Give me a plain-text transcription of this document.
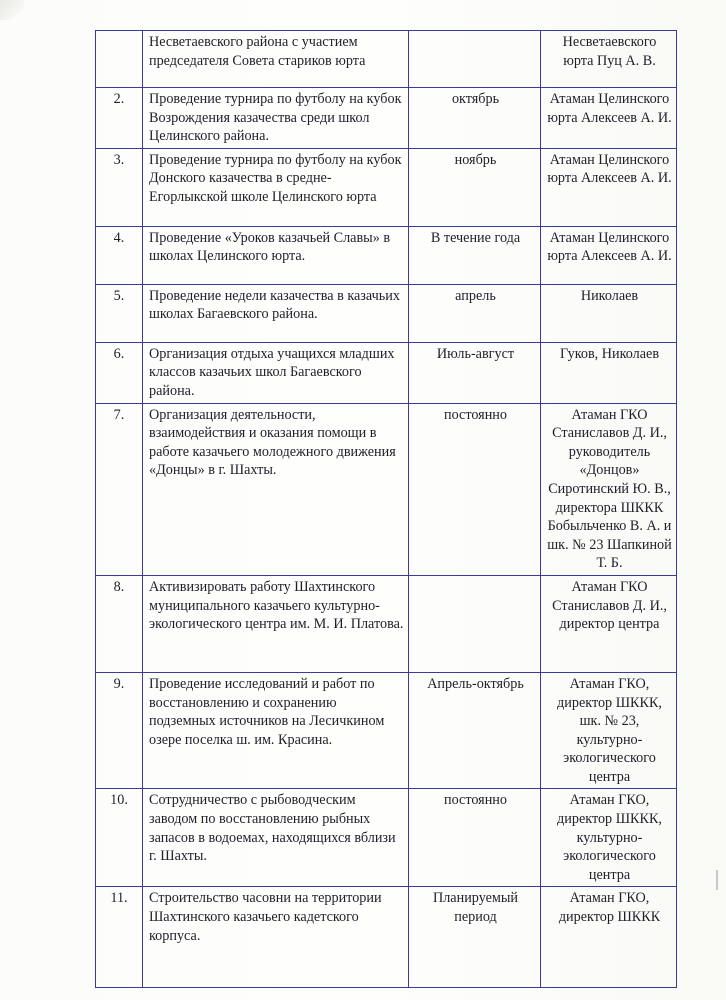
	Несветаевского района с участием председателя Совета стариков юрта		Несветаевского юрта Пуц А. В.
2.	Проведение турнира по футболу на кубок Возрождения казачества среди школ Целинского района.	октябрь	Атаман Целинского юрта Алексеев А. И.
3.	Проведение турнира по футболу на кубок Донского казачества в средне- Егорлыкской школе Целинского юрта	ноябрь	Атаман Целинского юрта Алексеев А. И.
4.	Проведение «Уроков казачьей Славы» в школах Целинского юрта.	В течение года	Атаман Целинского юрта Алексеев А. И.
5.	Проведение недели казачества в казачьих школах Багаевского района.	апрель	Николаев
6.	Организация отдыха учащихся младших классов казачьих школ Багаевского района.	Июль-август	Гуков, Николаев
7.	Организация деятельности, взаимодействия и оказания помощи в работе казачьего молодежного движения «Донцы» в г. Шахты.	постоянно	Атаман ГКО Станиславов Д. И., руководитель «Донцов» Сиротинский Ю. В., директора ШККК Бобыльченко В. А. и шк. № 23 Шапкиной Т. Б.
8.	Активизировать работу Шахтинского муниципального казачьего культурно-экологического центра им. М. И. Платова.		Атаман ГКО Станиславов Д. И., директор центра
9.	Проведение исследований и работ по восстановлению и сохранению подземных источников на Лесичкином озере поселка ш. им. Красина.	Апрель-октябрь	Атаман ГКО, директор ШККК, шк. № 23, культурно-экологического центра
10.	Сотрудничество с рыбоводческим заводом по восстановлению рыбных запасов в водоемах, находящихся вблизи г. Шахты.	постоянно	Атаман ГКО, директор ШККК, культурно-экологического центра
11.	Строительство часовни на территории Шахтинского казачьего кадетского корпуса.	Планируемый период	Атаман ГКО, директор ШККК
